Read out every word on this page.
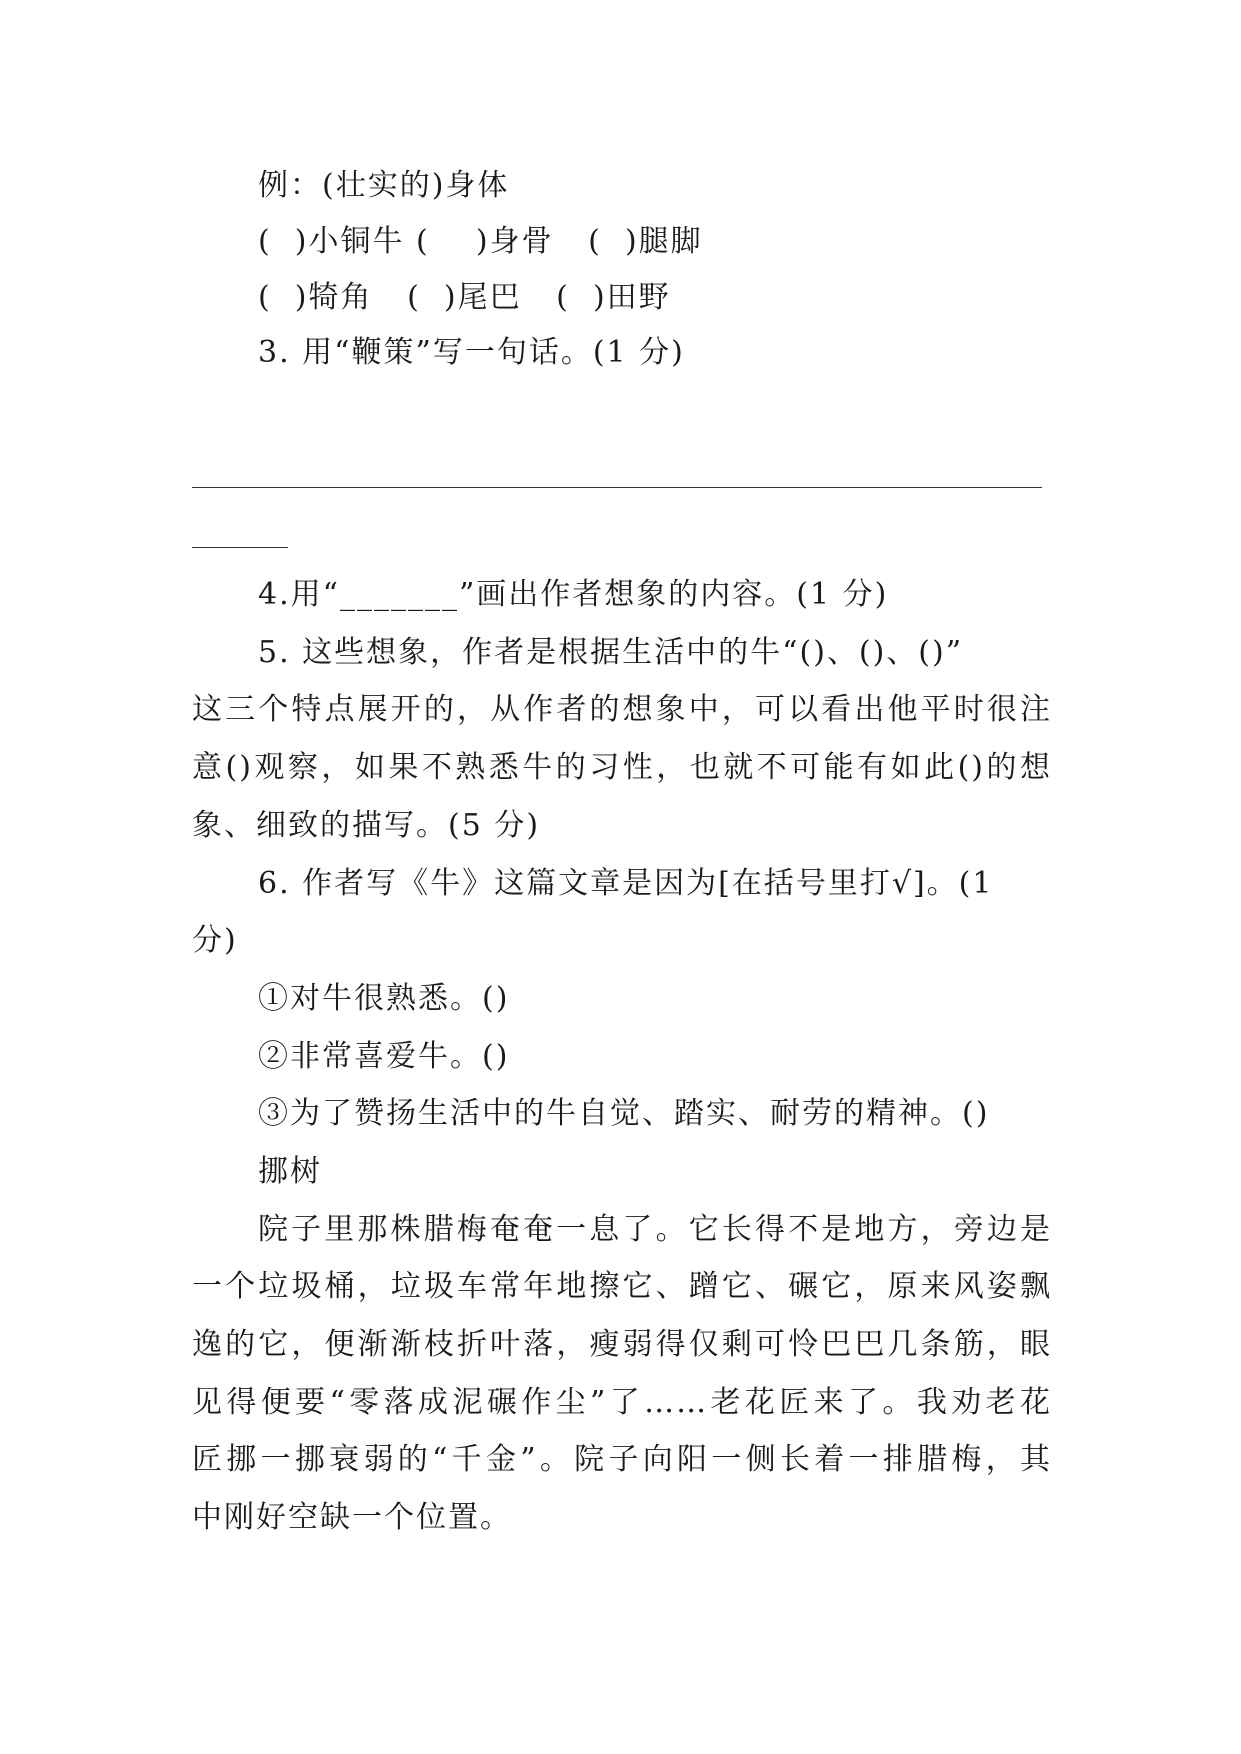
例：(壮实的)身体
(  )小铜牛 (    )身骨   (  )腿脚
(  )犄角   (  )尾巴   (  )田野
3. 用“鞭策”写一句话。(1 分)
4.用“_______”画出作者想象的内容。(1 分)
5. 这些想象，作者是根据生活中的牛“()、()、()”
这三个特点展开的，从作者的想象中，可以看出他平时很注
意()观察，如果不熟悉牛的习性，也就不可能有如此()的想
象、细致的描写。(5 分)
6. 作者写《牛》这篇文章是因为[在括号里打√]。(1
分)
①对牛很熟悉。()
②非常喜爱牛。()
③为了赞扬生活中的牛自觉、踏实、耐劳的精神。()
挪树
院子里那株腊梅奄奄一息了。它长得不是地方，旁边是
一个垃圾桶，垃圾车常年地擦它、蹭它、碾它，原来风姿飘
逸的它，便渐渐枝折叶落，瘦弱得仅剩可怜巴巴几条筋，眼
见得便要“零落成泥碾作尘”了……老花匠来了。我劝老花
匠挪一挪衰弱的“千金”。院子向阳一侧长着一排腊梅，其
中刚好空缺一个位置。
